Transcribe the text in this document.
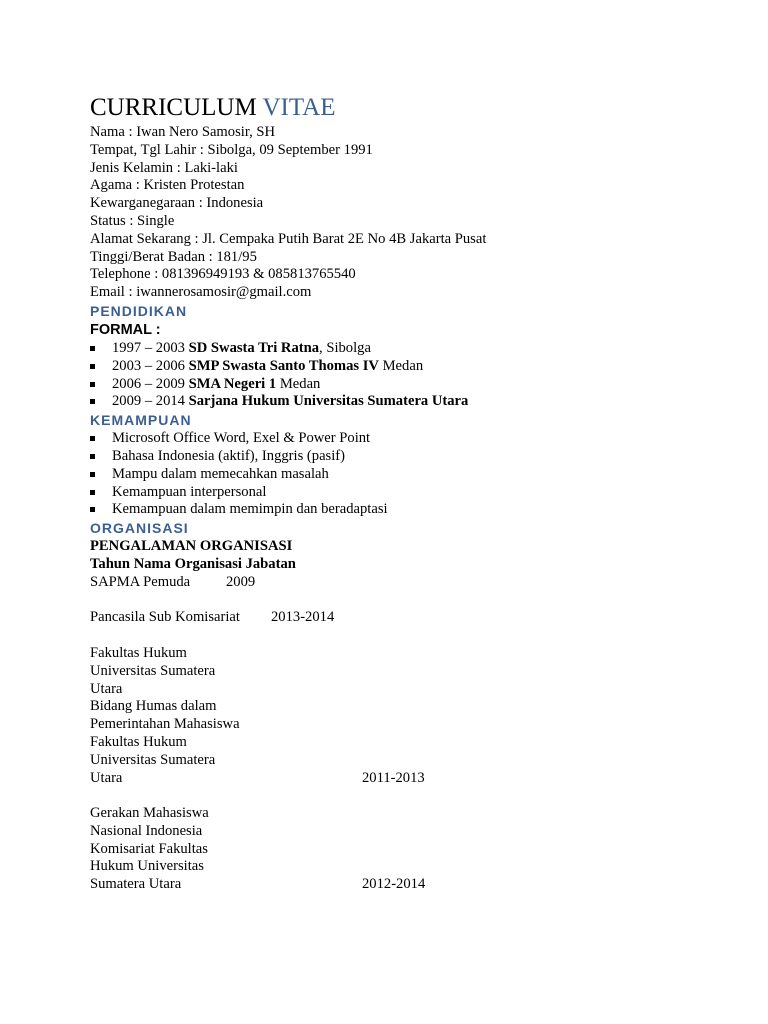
CURRICULUM VITAE
Nama : Iwan Nero Samosir, SH
Tempat, Tgl Lahir : Sibolga, 09 September 1991
Jenis Kelamin : Laki-laki
Agama : Kristen Protestan
Kewarganegaraan : Indonesia
Status : Single
Alamat Sekarang : Jl. Cempaka Putih Barat 2E No 4B Jakarta Pusat
Tinggi/Berat Badan : 181/95
Telephone : 081396949193 & 085813765540
Email : iwannerosamosir@gmail.com
PENDIDIKAN
FORMAL :
1997 – 2003 SD Swasta Tri Ratna, Sibolga
2003 – 2006 SMP Swasta Santo Thomas IV Medan
2006 – 2009 SMA Negeri 1 Medan
2009 – 2014 Sarjana Hukum Universitas Sumatera Utara
KEMAMPUAN
Microsoft Office Word, Exel & Power Point
Bahasa Indonesia (aktif), Inggris (pasif)
Mampu dalam memecahkan masalah
Kemampuan interpersonal
Kemampuan dalam memimpin dan beradaptasi
ORGANISASI
PENGALAMAN ORGANISASI
Tahun Nama Organisasi Jabatan
SAPMA Pemuda 2009
Pancasila Sub Komisariat 2013-2014
Fakultas Hukum
Universitas Sumatera
Utara
Bidang Humas dalam
Pemerintahan Mahasiswa
Fakultas Hukum
Universitas Sumatera
Utara	2011-2013
Gerakan Mahasiswa
Nasional Indonesia
Komisariat Fakultas
Hukum Universitas
Sumatera Utara	2012-2014
